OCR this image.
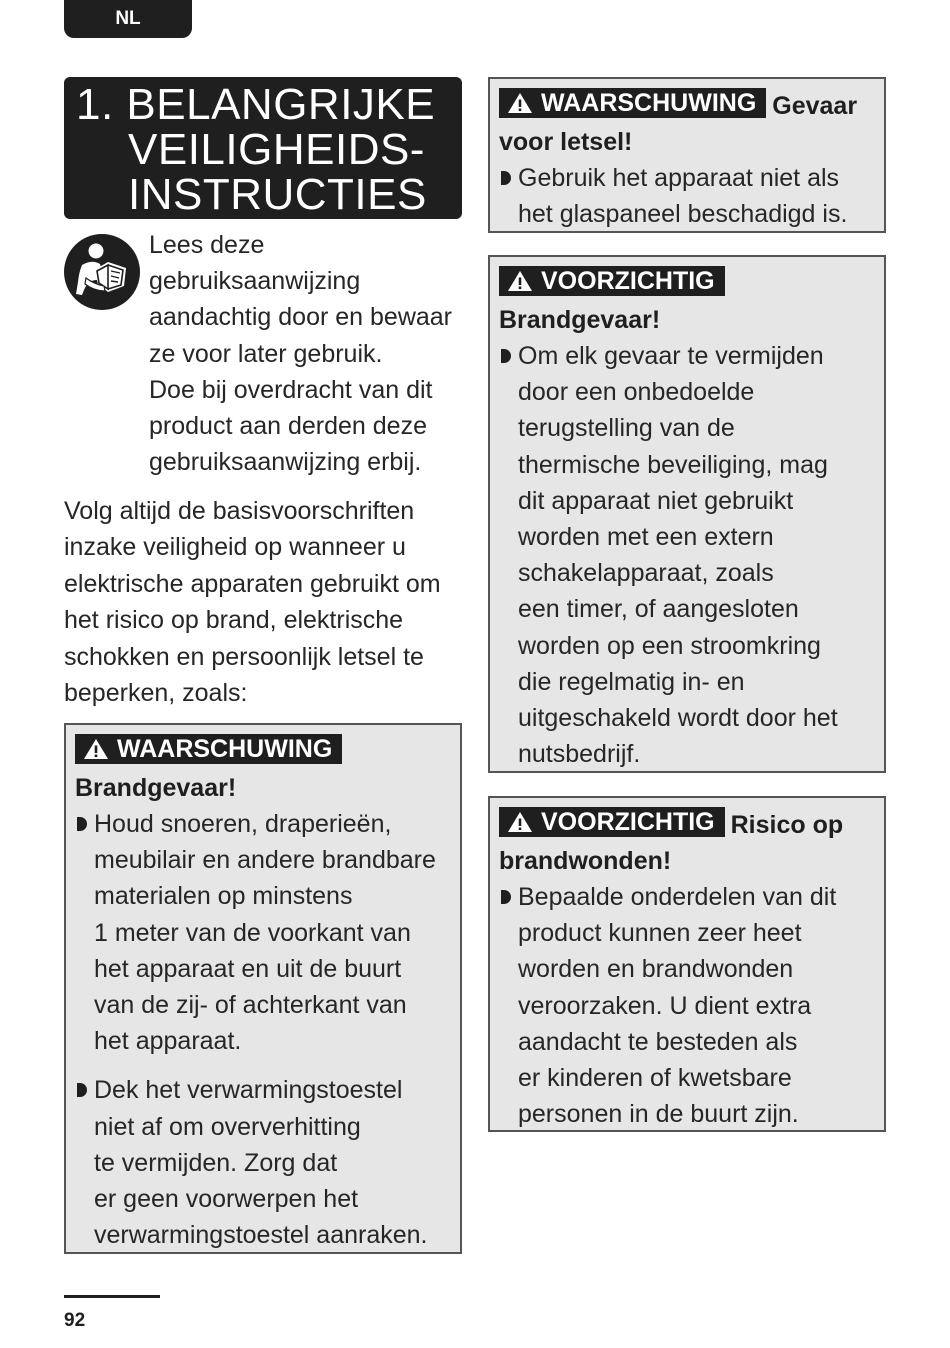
NL
1. BELANGRIJKE
VEILIGHEIDS-
INSTRUCTIES
Lees deze
gebruiksaanwijzing
aandachtig door en bewaar
ze voor later gebruik.
Doe bij overdracht van dit
product aan derden deze
gebruiksaanwijzing erbij.
Volg altijd de basisvoorschriften
inzake veiligheid op wanneer u
elektrische apparaten gebruikt om
het risico op brand, elektrische
schokken en persoonlijk letsel te
beperken, zoals:
WAARSCHUWING
Brandgevaar!
Houd snoeren, draperieën,
meubilair en andere brandbare
materialen op minstens
1 meter van de voorkant van
het apparaat en uit de buurt
van de zij- of achterkant van
het apparaat.
Dek het verwarmingstoestel
niet af om oververhitting
te vermijden. Zorg dat
er geen voorwerpen het
verwarmingstoestel aanraken.
WAARSCHUWING Gevaar
voor letsel!
Gebruik het apparaat niet als
het glaspaneel beschadigd is.
VOORZICHTIG
Brandgevaar!
Om elk gevaar te vermijden
door een onbedoelde
terugstelling van de
thermische beveiliging, mag
dit apparaat niet gebruikt
worden met een extern
schakelapparaat, zoals
een timer, of aangesloten
worden op een stroomkring
die regelmatig in- en
uitgeschakeld wordt door het
nutsbedrijf.
VOORZICHTIG Risico op
brandwonden!
Bepaalde onderdelen van dit
product kunnen zeer heet
worden en brandwonden
veroorzaken. U dient extra
aandacht te besteden als
er kinderen of kwetsbare
personen in de buurt zijn.
92
